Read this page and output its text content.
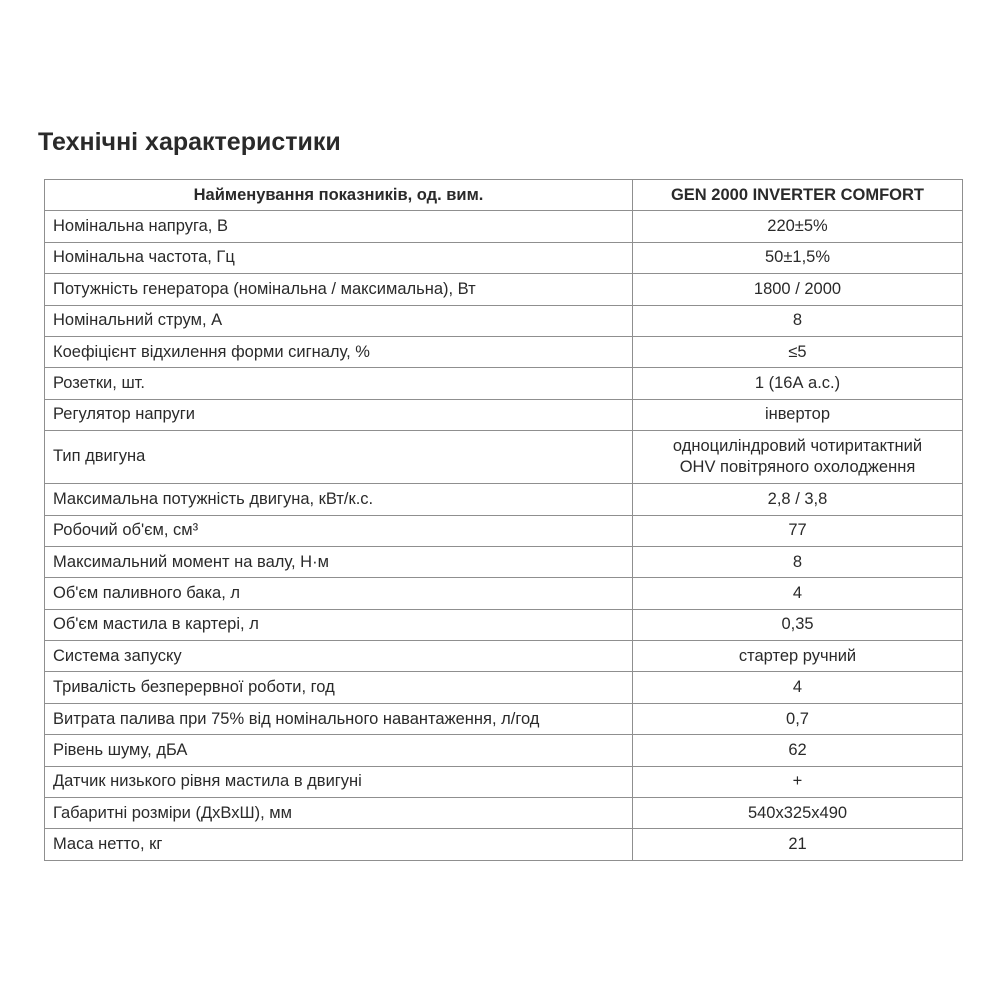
Технічні характеристики
Найменування показників, од. вим.	GEN 2000 INVERTER COMFORT
Номінальна напруга, В	220±5%
Номінальна частота, Гц	50±1,5%
Потужність генератора (номінальна / максимальна), Вт	1800 / 2000
Номінальний струм, А	8
Коефіцієнт відхилення форми сигналу, %	≤5
Розетки, шт.	1 (16А а.с.)
Регулятор напруги	інвертор
Тип двигуна	одноциліндровий чотиритактний
OHV повітряного охолодження
Максимальна потужність двигуна, кВт/к.с.	2,8 / 3,8
Робочий об'єм, см³	77
Максимальний момент на валу, Н·м	8
Об'єм паливного бака, л	4
Об'єм мастила в картері, л	0,35
Система запуску	стартер ручний
Тривалість безперервної роботи, год	4
Витрата палива при 75% від номінального навантаження, л/год	0,7
Рівень шуму, дБА	62
Датчик низького рівня мастила в двигуні	+
Габаритні розміри (ДхВхШ), мм	540x325x490
Маса нетто, кг	21
